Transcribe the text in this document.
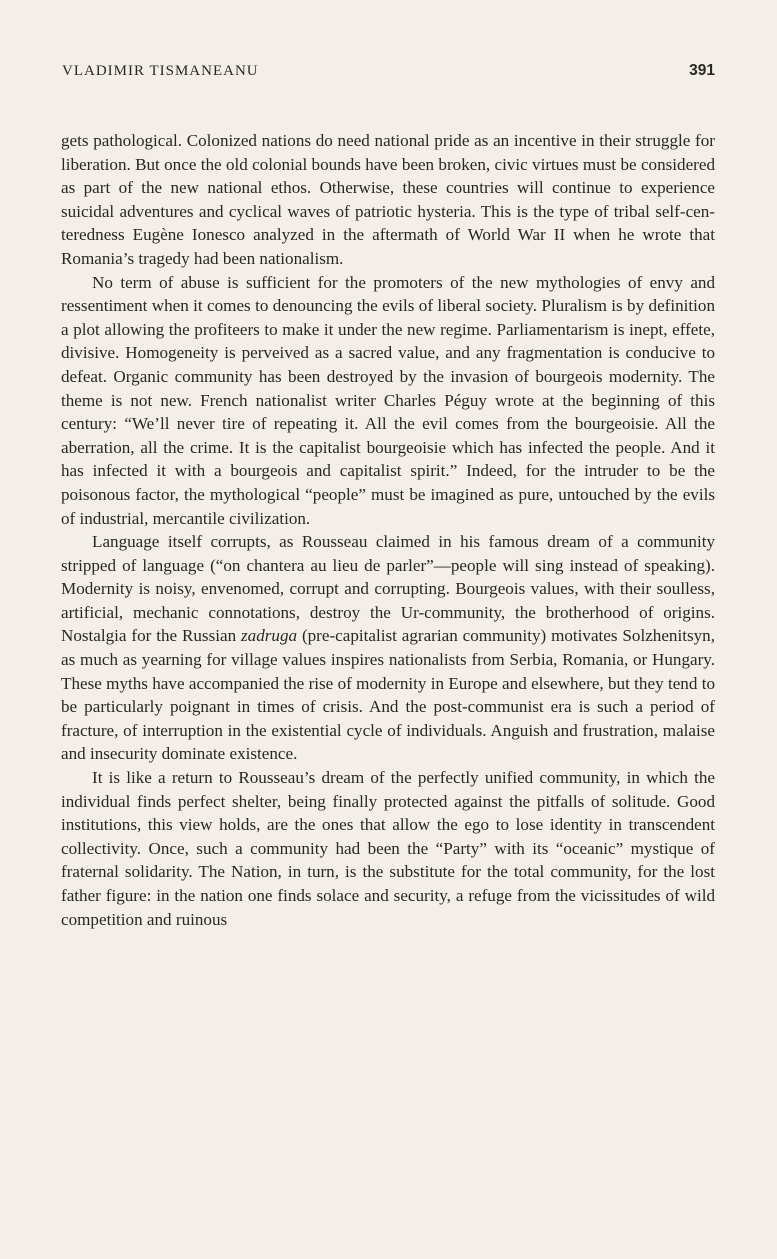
VLADIMIR TISMANEANU	391

gets pathological. Colonized nations do need national pride as an incentive in their struggle for liberation. But once the old colonial bounds have been broken, civic virtues must be considered as part of the new national ethos. Otherwise, these countries will continue to experience suicidal adventures and cyclical waves of patriotic hysteria. This is the type of tribal self-centeredness Eugène Ionesco analyzed in the aftermath of World War II when he wrote that Romania’s tragedy had been nationalism.

No term of abuse is sufficient for the promoters of the new mythologies of envy and ressentiment when it comes to denouncing the evils of liberal society. Pluralism is by definition a plot allowing the profiteers to make it under the new regime. Parliamentarism is inept, effete, divisive. Homogeneity is perveived as a sacred value, and any fragmentation is conducive to defeat. Organic community has been destroyed by the invasion of bourgeois modernity. The theme is not new. French nationalist writer Charles Péguy wrote at the beginning of this century: “We’ll never tire of repeating it. All the evil comes from the bourgeoisie. All the aberration, all the crime. It is the capitalist bourgeoisie which has infected the people. And it has infected it with a bourgeois and capitalist spirit.” Indeed, for the intruder to be the poisonous factor, the mythological “people” must be imagined as pure, untouched by the evils of industrial, mercantile civilization.

Language itself corrupts, as Rousseau claimed in his famous dream of a community stripped of language (“on chantera au lieu de parler”—people will sing instead of speaking). Modernity is noisy, envenomed, corrupt and corrupting. Bourgeois values, with their soulless, artificial, mechanic connotations, destroy the Ur-community, the brotherhood of origins. Nostalgia for the Russian zadruga (pre-capitalist agrarian community) motivates Solzhenitsyn, as much as yearning for village values inspires nationalists from Serbia, Romania, or Hungary. These myths have accompanied the rise of modernity in Europe and elsewhere, but they tend to be particularly poignant in times of crisis. And the post-communist era is such a period of fracture, of interruption in the existential cycle of individuals. Anguish and frustration, malaise and insecurity dominate existence.

It is like a return to Rousseau’s dream of the perfectly unified community, in which the individual finds perfect shelter, being finally protected against the pitfalls of solitude. Good institutions, this view holds, are the ones that allow the ego to lose identity in transcendent collectivity. Once, such a community had been the “Party” with its “oceanic” mystique of fraternal solidarity. The Nation, in turn, is the substitute for the total community, for the lost father figure: in the nation one finds solace and security, a refuge from the vicissitudes of wild competition and ruinous
